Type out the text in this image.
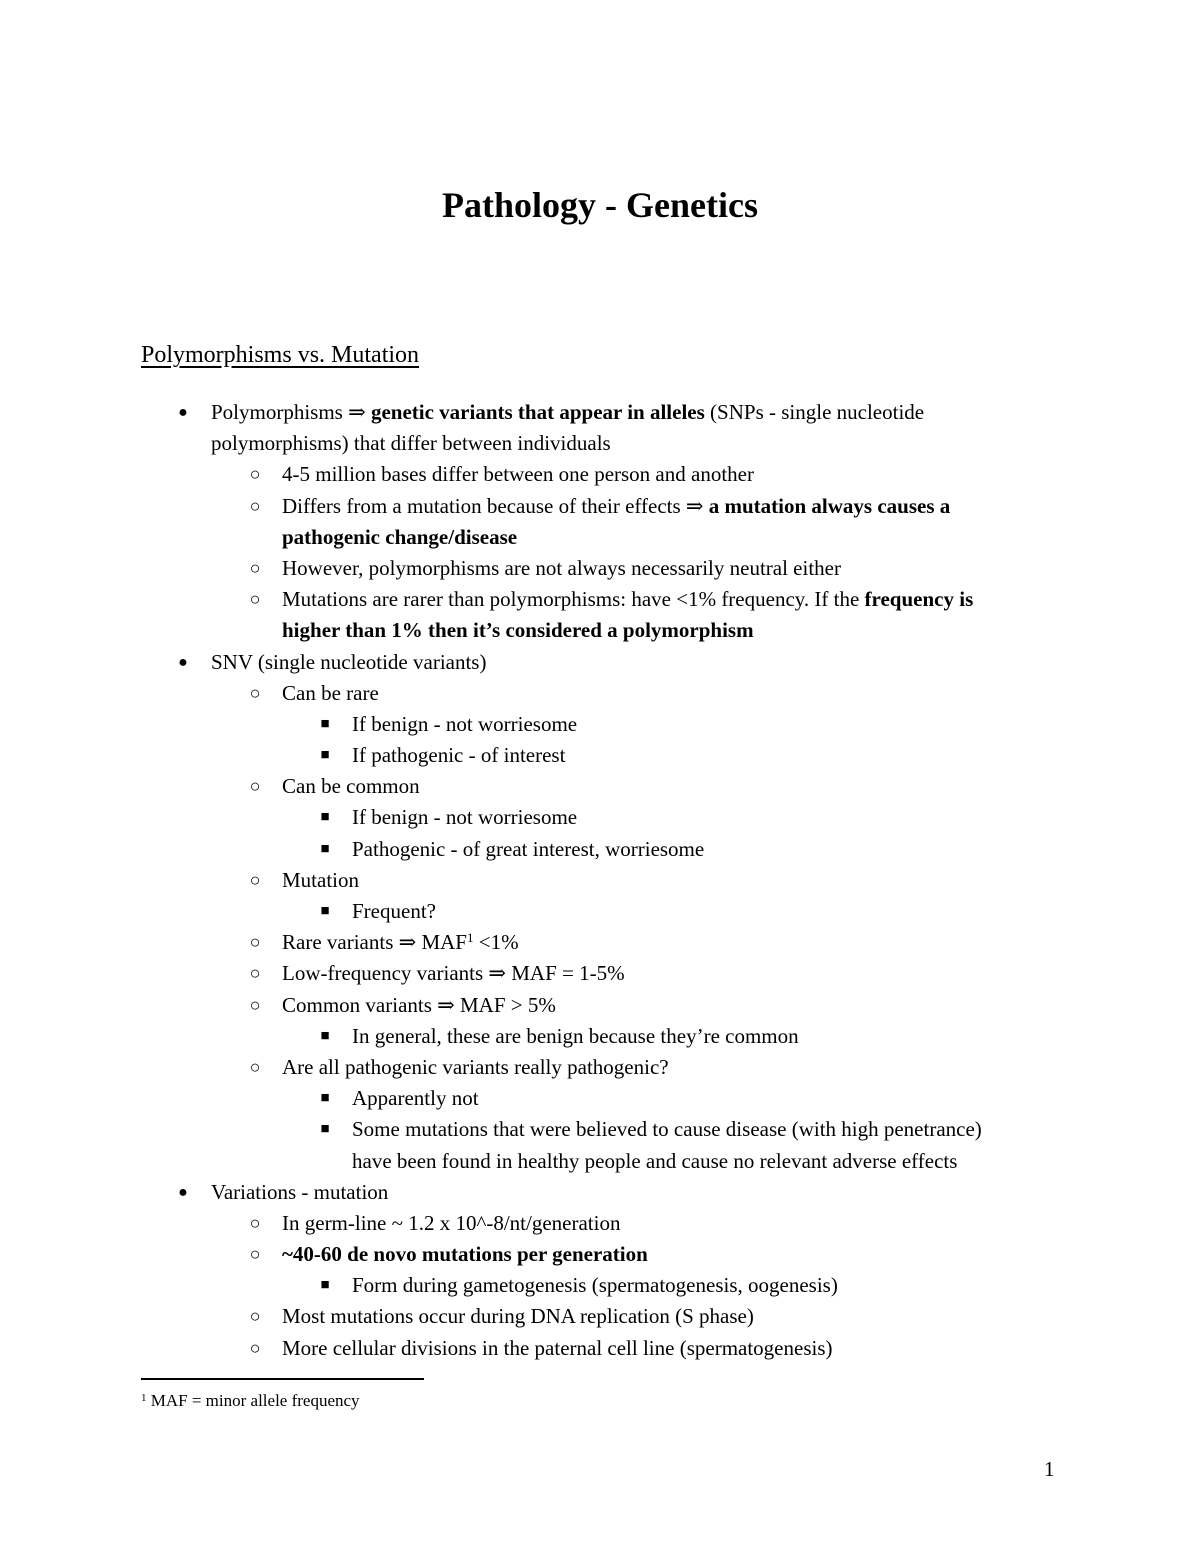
Pathology - Genetics
Polymorphisms vs. Mutation
●	Polymorphisms ⇒ genetic variants that appear in alleles (SNPs - single nucleotide
polymorphisms) that differ between individuals
○	4-5 million bases differ between one person and another
○	Differs from a mutation because of their effects ⇒ a mutation always causes a
pathogenic change/disease
○	However, polymorphisms are not always necessarily neutral either
○	Mutations are rarer than polymorphisms: have <1% frequency. If the frequency is
higher than 1% then it’s considered a polymorphism
●	SNV (single nucleotide variants)
○	Can be rare
■	If benign - not worriesome
■	If pathogenic - of interest
○	Can be common
■	If benign - not worriesome
■	Pathogenic - of great interest, worriesome
○	Mutation
■	Frequent?
○	Rare variants ⇒ $MAF^1 <1\%$
○	Low-frequency variants ⇒ MAF = 1-5%
○	Common variants ⇒ MAF > 5%
■	In general, these are benign because they’re common
○	Are all pathogenic variants really pathogenic?
■	Apparently not
■	Some mutations that were believed to cause disease (with high penetrance)
have been found in healthy people and cause no relevant adverse effects
●	Variations - mutation
○	In germ-line ~ 1.2 x 10^-8/nt/generation
○	~40-60 de novo mutations per generation
■	Form during gametogenesis (spermatogenesis, oogenesis)
○	Most mutations occur during DNA replication (S phase)
○	More cellular divisions in the paternal cell line (spermatogenesis)
$^1$ MAF = minor allele frequency
1
